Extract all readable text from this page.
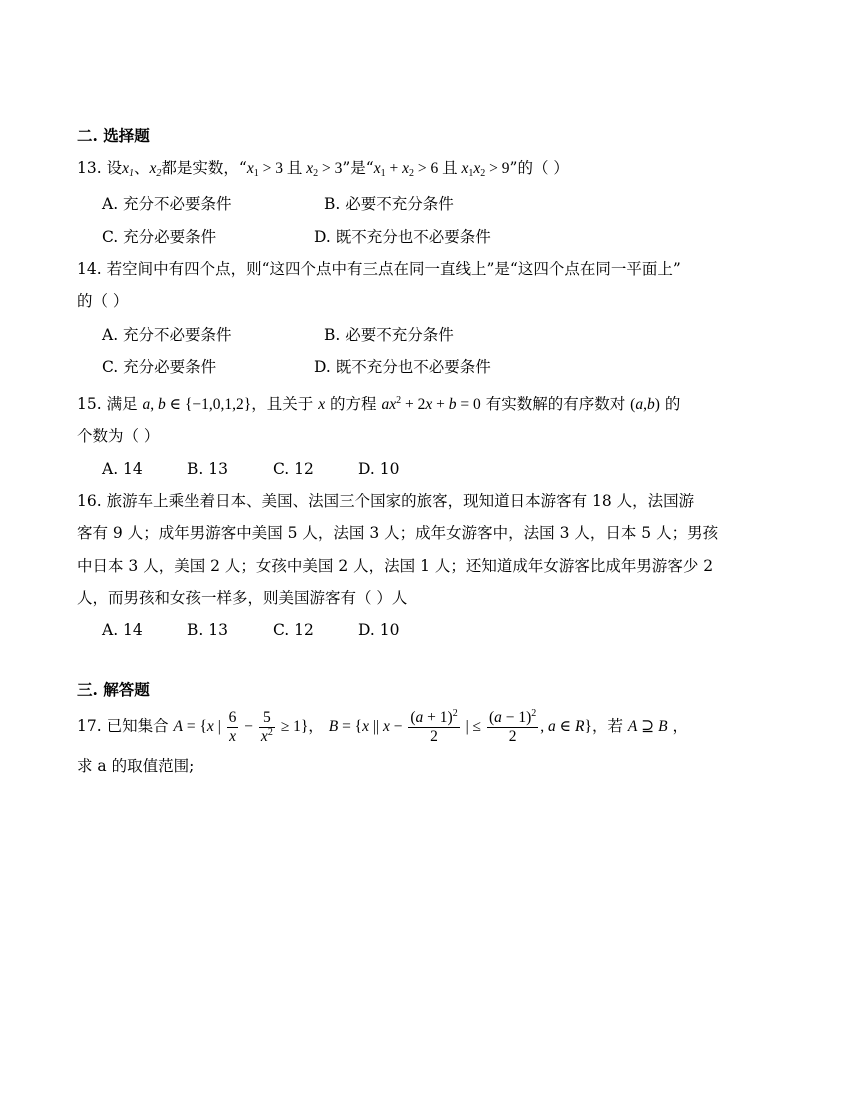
二. 选择题
13. 设$x_1$、$x_2$都是实数，“$x_1 > 3$ 且 $x_2 > 3$”是“$x_1 + x_2 > 6$ 且 $x_1x_2 > 9$”的（ ）
A. 充分不必要条件	B. 必要不充分条件
C. 充分必要条件	D. 既不充分也不必要条件
14. 若空间中有四个点，则“这四个点中有三点在同一直线上”是“这四个点在同一平面上”
的（ ）
A. 充分不必要条件	B. 必要不充分条件
C. 充分必要条件	D. 既不充分也不必要条件
15. 满足 a, b ∈ {−1,0,1,2}，且关于 x 的方程 $ax^2 + 2x + b = 0$ 有实数解的有序数对 (a,b) 的
个数为（ ）
A. 14	B. 13	C. 12	D. 10
16. 旅游车上乘坐着日本、美国、法国三个国家的旅客，现知道日本游客有 18 人，法国游
客有 9 人；成年男游客中美国 5 人，法国 3 人；成年女游客中，法国 3 人，日本 5 人；男孩
中日本 3 人，美国 2 人；女孩中美国 2 人，法国 1 人；还知道成年女游客比成年男游客少 2
人，而男孩和女孩一样多，则美国游客有（ ）人
A. 14	B. 13	C. 12	D. 10
三. 解答题
17. 已知集合 A = {x | $\frac{6}{x} - \frac{5}{x^2} \ge 1$}， B = {x || $x - \frac{(a + 1)^2}{2}$ | ≤ $\frac{(a - 1)^2}{2}$ , a ∈ R}，若 A ⊇ B ，
求 a 的取值范围;
